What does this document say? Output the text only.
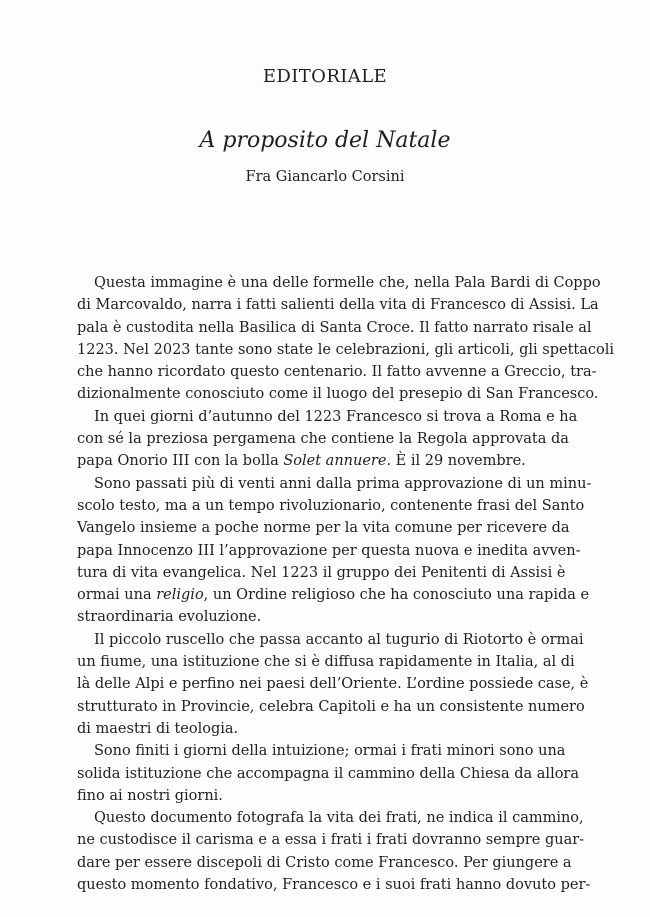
EDITORIALE
A proposito del Natale
Fra Giancarlo Corsini
Questa immagine è una delle formelle che, nella Pala Bardi di Coppo
di Marcovaldo, narra i fatti salienti della vita di Francesco di Assisi. La
pala è custodita nella Basilica di Santa Croce. Il fatto narrato risale al
1223. Nel 2023 tante sono state le celebrazioni, gli articoli, gli spettacoli
che hanno ricordato questo centenario. Il fatto avvenne a Greccio, tra-
dizionalmente conosciuto come il luogo del presepio di San Francesco.
In quei giorni d’autunno del 1223 Francesco si trova a Roma e ha
con sé la preziosa pergamena che contiene la Regola approvata da
papa Onorio III con la bolla Solet annuere. È il 29 novembre.
Sono passati più di venti anni dalla prima approvazione di un minu-
scolo testo, ma a un tempo rivoluzionario, contenente frasi del Santo
Vangelo insieme a poche norme per la vita comune per ricevere da
papa Innocenzo III l’approvazione per questa nuova e inedita avven-
tura di vita evangelica. Nel 1223 il gruppo dei Penitenti di Assisi è
ormai una religio, un Ordine religioso che ha conosciuto una rapida e
straordinaria evoluzione.
Il piccolo ruscello che passa accanto al tugurio di Riotorto è ormai
un fiume, una istituzione che si è diffusa rapidamente in Italia, al di
là delle Alpi e perfino nei paesi dell’Oriente. L’ordine possiede case, è
strutturato in Provincie, celebra Capitoli e ha un consistente numero
di maestri di teologia.
Sono finiti i giorni della intuizione; ormai i frati minori sono una
solida istituzione che accompagna il cammino della Chiesa da allora
fino ai nostri giorni.
Questo documento fotografa la vita dei frati, ne indica il cammino,
ne custodisce il carisma e a essa i frati i frati dovranno sempre guar-
dare per essere discepoli di Cristo come Francesco. Per giungere a
questo momento fondativo, Francesco e i suoi frati hanno dovuto per-
